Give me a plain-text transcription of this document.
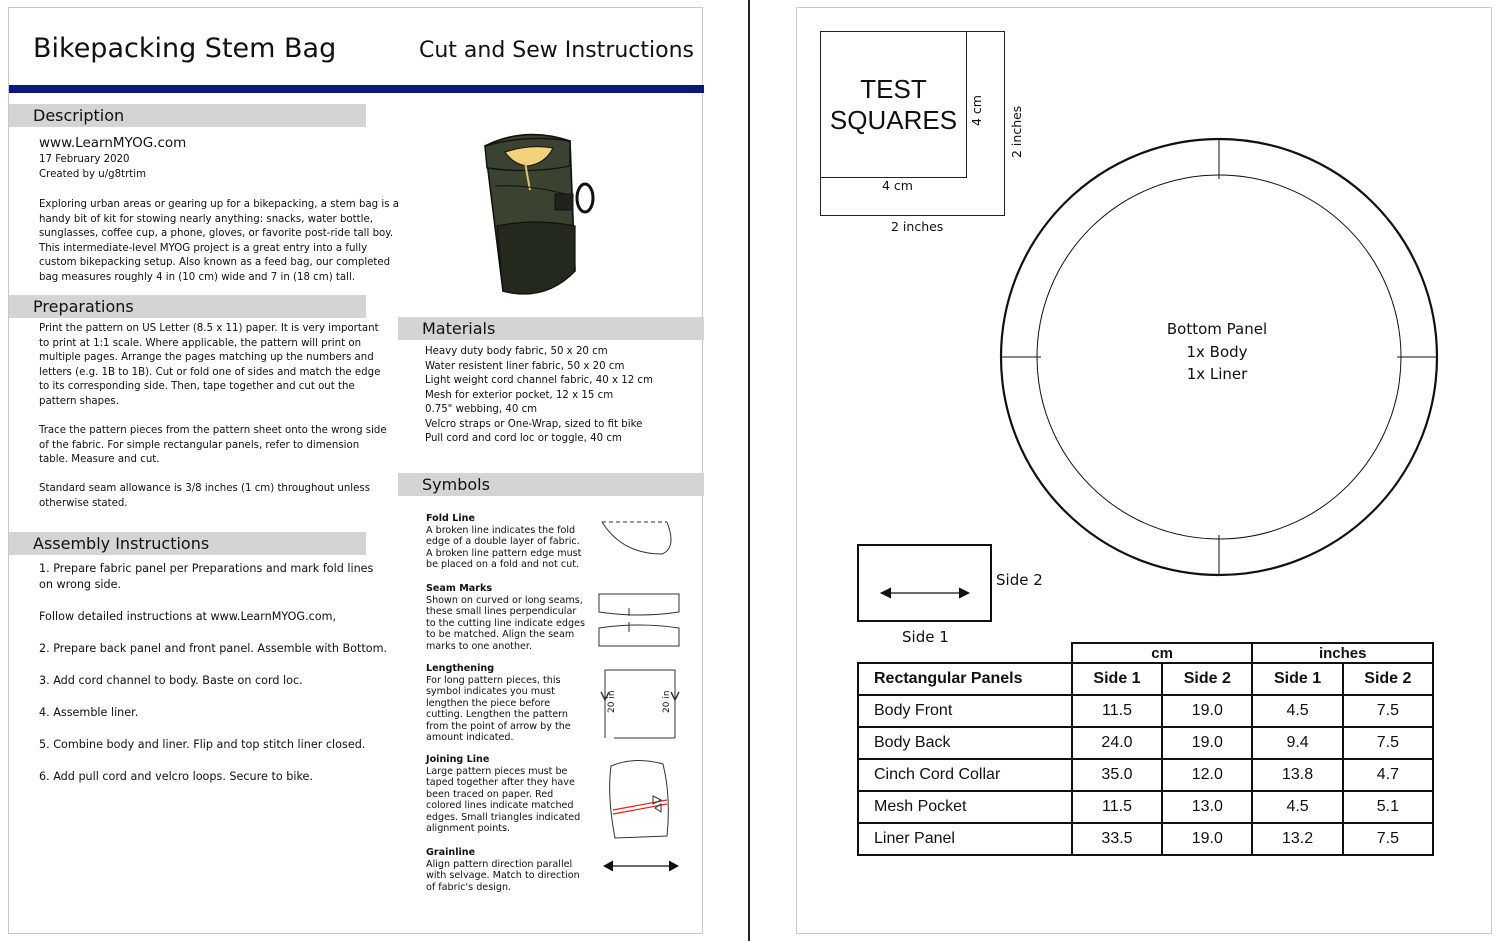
Bikepacking Stem Bag	Cut and Sew Instructions
Description
www.LearnMYOG.com
17 February 2020
Created by u/g8trtim
Exploring urban areas or gearing up for a bikepacking, a stem bag is a
handy bit of kit for stowing nearly anything: snacks, water bottle,
sunglasses, coffee cup, a phone, gloves, or favorite post-ride tall boy.
This intermediate-level MYOG project is a great entry into a fully
custom bikepacking setup. Also known as a feed bag, our completed
bag measures roughly 4 in (10 cm) wide and 7 in (18 cm) tall.
Preparations
Print the pattern on US Letter (8.5 x 11) paper. It is very important
to print at 1:1 scale. Where applicable, the pattern will print on
multiple pages. Arrange the pages matching up the numbers and
letters (e.g. 1B to 1B). Cut or fold one of sides and match the edge
to its corresponding side. Then, tape together and cut out the
pattern shapes.
Trace the pattern pieces from the pattern sheet onto the wrong side
of the fabric. For simple rectangular panels, refer to dimension
table. Measure and cut.
Standard seam allowance is 3/8 inches (1 cm) throughout unless
otherwise stated.
Assembly Instructions
1. Prepare fabric panel per Preparations and mark fold lines
on wrong side.
Follow detailed instructions at www.LearnMYOG.com,
2. Prepare back panel and front panel. Assemble with Bottom.
3. Add cord channel to body. Baste on cord loc.
4. Assemble liner.
5. Combine body and liner. Flip and top stitch liner closed.
6. Add pull cord and velcro loops. Secure to bike.
Materials
Heavy duty body fabric, 50 x 20 cm
Water resistent liner fabric, 50 x 20 cm
Light weight cord channel fabric, 40 x 12 cm
Mesh for exterior pocket, 12 x 15 cm
0.75" webbing, 40 cm
Velcro straps or One-Wrap, sized to fit bike
Pull cord and cord loc or toggle, 40 cm
Symbols
Fold Line
A broken line indicates the fold
edge of a double layer of fabric.
A broken line pattern edge must
be placed on a fold and not cut.
Seam Marks
Shown on curved or long seams,
these small lines perpendicular
to the cutting line indicate edges
to be matched. Align the seam
marks to one another.
Lengthening
For long pattern pieces, this
symbol indicates you must
lengthen the piece before
cutting. Lengthen the pattern
from the point of arrow by the
amount indicated.
Joining Line
Large pattern pieces must be
taped together after they have
been traced on paper. Red
colored lines indicate matched
edges. Small triangles indicated
alignment points.
Grainline
Align pattern direction parallel
with selvage. Match to direction
of fabric's design.
20 in	20 in
TEST
SQUARES
4 cm
2 inches
4 cm 2 inches
Bottom Panel
1x Body
1x Liner
Side 2
Side 1
	cm		inches	
Rectangular Panels	Side 1	Side 2	Side 1	Side 2
Body Front	11.5	19.0	4.5	7.5
Body Back	24.0	19.0	9.4	7.5
Cinch Cord Collar	35.0	12.0	13.8	4.7
Mesh Pocket	11.5	13.0	4.5	5.1
Liner Panel	33.5	19.0	13.2	7.5
